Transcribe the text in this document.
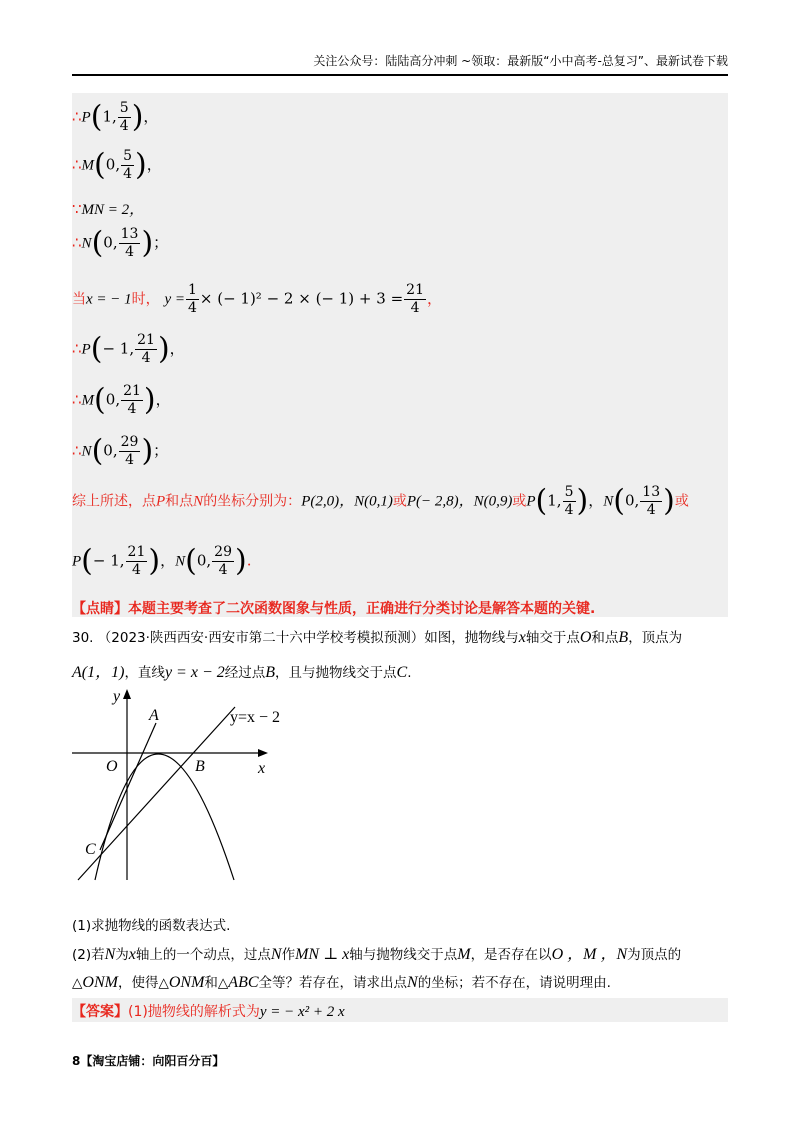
关注公众号：陆陆高分冲刺 ~领取：最新版“小中高考-总复习”、最新试卷下载
∴P(1, $\frac{5}{4}$ )，
∴M(0, $\frac{5}{4}$ )，
∵MN = 2，
∴N(0, $\frac{13}{4}$ )；
当x = − 1时， $y = \frac{1}{4}$ × (− 1)² − 2 × (− $1) + 3 = \frac{21}{4}$ ，
∴P(− 1, $\frac{21}{4}$ )，
∴M(0, $\frac{21}{4}$ )，
∴N(0, $\frac{29}{4}$ )；
综上所述，点P和点N的坐标分别为：P(2,0)，N(0,1)或P(− 2,8)，N(0,9)或P(1, $\frac{5}{4}$ )，N(0, $\frac{13}{4}$ )或
P(− 1, $\frac{21}{4}$ )，N(0, $\frac{29}{4}$ ).
【点睛】本题主要考查了二次函数图象与性质，正确进行分类讨论是解答本题的关键.
30. （2023·陕西西安·西安市第二十六中学校考模拟预测）如图，抛物线与x轴交于点O和点B，顶点为
A(1，1)，直线y = x − 2经过点B，且与抛物线交于点C.
y
x
O
A
B
C
y=x − 2
(1)求抛物线的函数表达式.
(2)若N为x轴上的一个动点，过点N作MN ⊥ x轴与抛物线交于点M，是否存在以O ，M ，N为顶点的
△ONM，使得△ONM和△ABC全等？若存在，请求出点N的坐标；若不存在，请说明理由.
【答案】(1)抛物线的解析式为y = − x² + 2 x
8【淘宝店铺：向阳百分百】
